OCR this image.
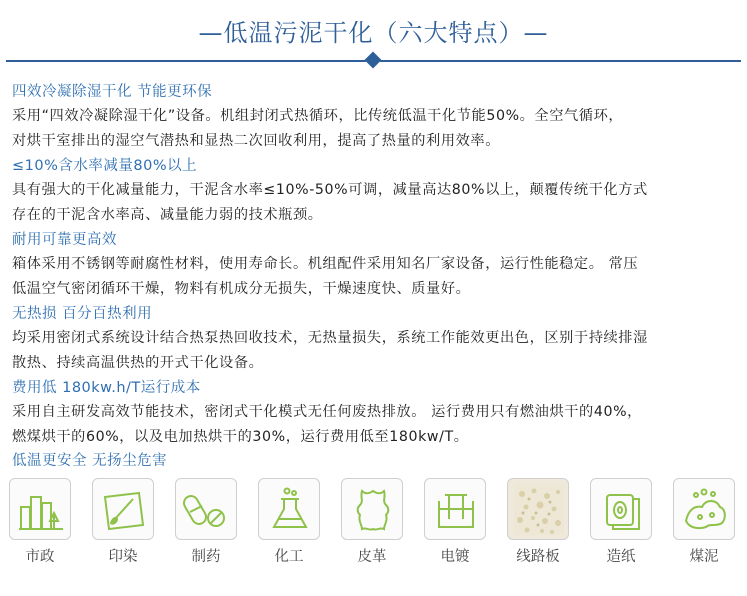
—低温污泥干化（六大特点）—
四效冷凝除湿干化 节能更环保

采用“四效冷凝除湿干化”设备。机组封闭式热循环，比传统低温干化节能50%。全空气循环，

对烘干室排出的湿空气潜热和显热二次回收利用，提高了热量的利用效率。

≤10%含水率减量80%以上

具有强大的干化减量能力，干泥含水率≤10%-50%可调，减量高达80%以上，颠覆传统干化方式

存在的干泥含水率高、减量能力弱的技术瓶颈。

耐用可靠更高效

箱体采用不锈钢等耐腐性材料，使用寿命长。机组配件采用知名厂家设备，运行性能稳定。 常压

低温空气密闭循环干燥，物料有机成分无损失，干燥速度快、质量好。

无热损 百分百热利用

均采用密闭式系统设计结合热泵热回收技术，无热量损失，系统工作能效更出色，区别于持续排湿

散热、持续高温供热的开式干化设备。

费用低 180kw.h/T运行成本

采用自主研发高效节能技术，密闭式干化模式无任何废热排放。 运行费用只有燃油烘干的40%，

燃煤烘干的60%，以及电加热烘干的30%，运行费用低至180kw/T。

低温更安全 无扬尘危害
市政	印染	制药	化工	皮革	电镀	线路板	造纸	煤泥
